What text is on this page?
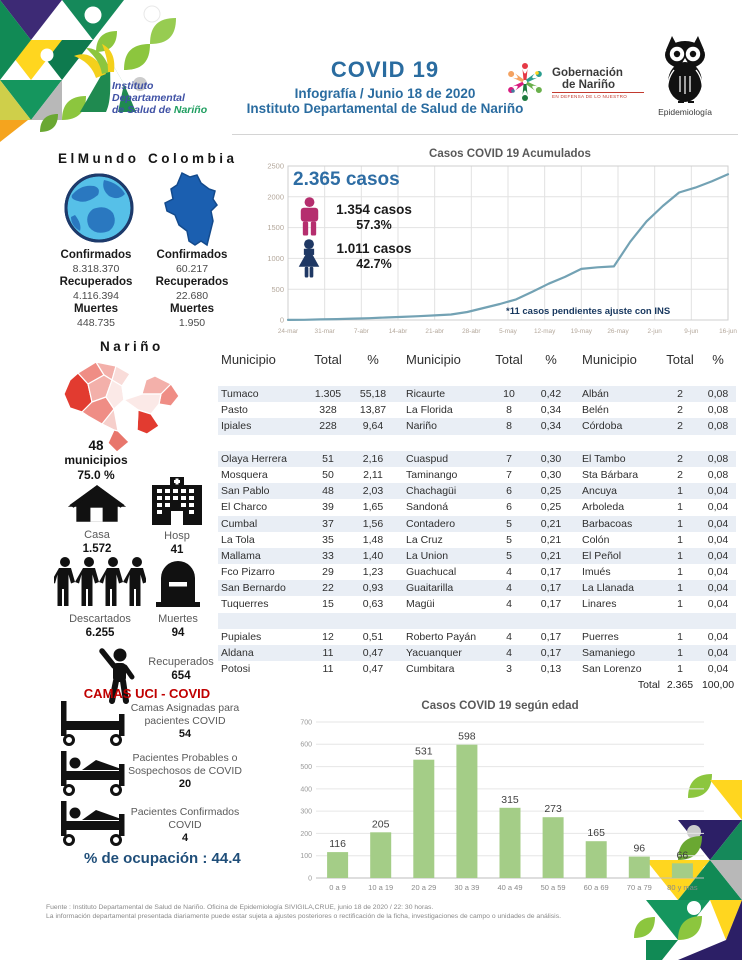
Instituto
Departamental
de Salud de Nariño
COVID 19
Infografía / Junio 18 de 2020
Instituto Departamental de Salud de Nariño
Gobernación
de Nariño
EN DEFENSA DE LO NUESTRO
Epidemiología
ElMundo Colombia
Confirmados
8.318.370
Recuperados
4.116.394
Muertes
448.735
Confirmados
60.217
Recuperados
22.680
Muertes
1.950
Nariño
48
municipios
75.0 %
Casa
1.572
Hosp
41
Descartados
6.255
Muertes
94
Recuperados
654
CAMAS UCI - COVID
Camas Asignadas para pacientes COVID
54
Pacientes Probables o Sospechosos de COVID
20
Pacientes Confirmados COVID
4
% de ocupación : 44.4
Casos COVID 19 Acumulados
24-mar	31-mar	7-abr	14-abr	21-abr	28-abr	5-may	12-may 19-may 26-may	2-jun	9-jun	16-jun
0
500
1000
1500
2000
2500
2.365 casos
1.354 casos
57.3%
1.011 casos
42.7%
*11 casos pendientes ajuste con INS
Municipio	Total	%	Municipio	Total	%	Municipio	Total	%
Tumaco	1.305	55,18	Ricaurte	10	0,42	Albán	2	0,08
Pasto	328	13,87	La Florida	8	0,34	Belén	2	0,08
Ipiales	228	9,64	Nariño	8	0,34	Córdoba	2	0,08
Olaya Herrera	51	2,16	Cuaspud	7	0,30	El Tambo	2	0,08
Mosquera	50	2,11	Taminango	7	0,30	Sta Bárbara	2	0,08
San Pablo	48	2,03	Chachagüi	6	0,25	Ancuya	1	0,04
El Charco	39	1,65	Sandoná	6	0,25	Arboleda	1	0,04
Cumbal	37	1,56	Contadero	5	0,21	Barbacoas	1	0,04
La Tola	35	1,48	La Cruz	5	0,21	Colón	1	0,04
Mallama	33	1,40	La Union	5	0,21	El Peñol	1	0,04
Fco Pizarro	29	1,23	Guachucal	4	0,17	Imués	1	0,04
San Bernardo	22	0,93	Guaitarilla	4	0,17	La Llanada	1	0,04
Tuquerres	15	0,63	Magüi	4	0,17	Linares	1	0,04
Pupiales	12	0,51	Roberto Payán	4	0,17	Puerres	1	0,04
Aldana	11	0,47	Yacuanquer	4	0,17	Samaniego	1	0,04
Potosi	11	0,47	Cumbitara	3	0,13	San Lorenzo	1	0,04
Total 2.365 100,00
Casos COVID 19 según edad
0
100
200
300
400
500
600
700
116
0 a 9
205
10 a 19
531
20 a 29
598
30 a 39
315
40 a 49
273
50 a 59
165
60 a 69
96
70 a 79
66
80 y mas
Fuente : Instituto Departamental de Salud de Nariño. Oficina de Epidemiología SIVIGILA,CRUE, junio 18 de 2020 / 22: 30 horas.
La información departamental presentada diariamente puede estar sujeta a ajustes posteriores o rectificación de la ficha, investigaciones de campo o unidades de análisis.
